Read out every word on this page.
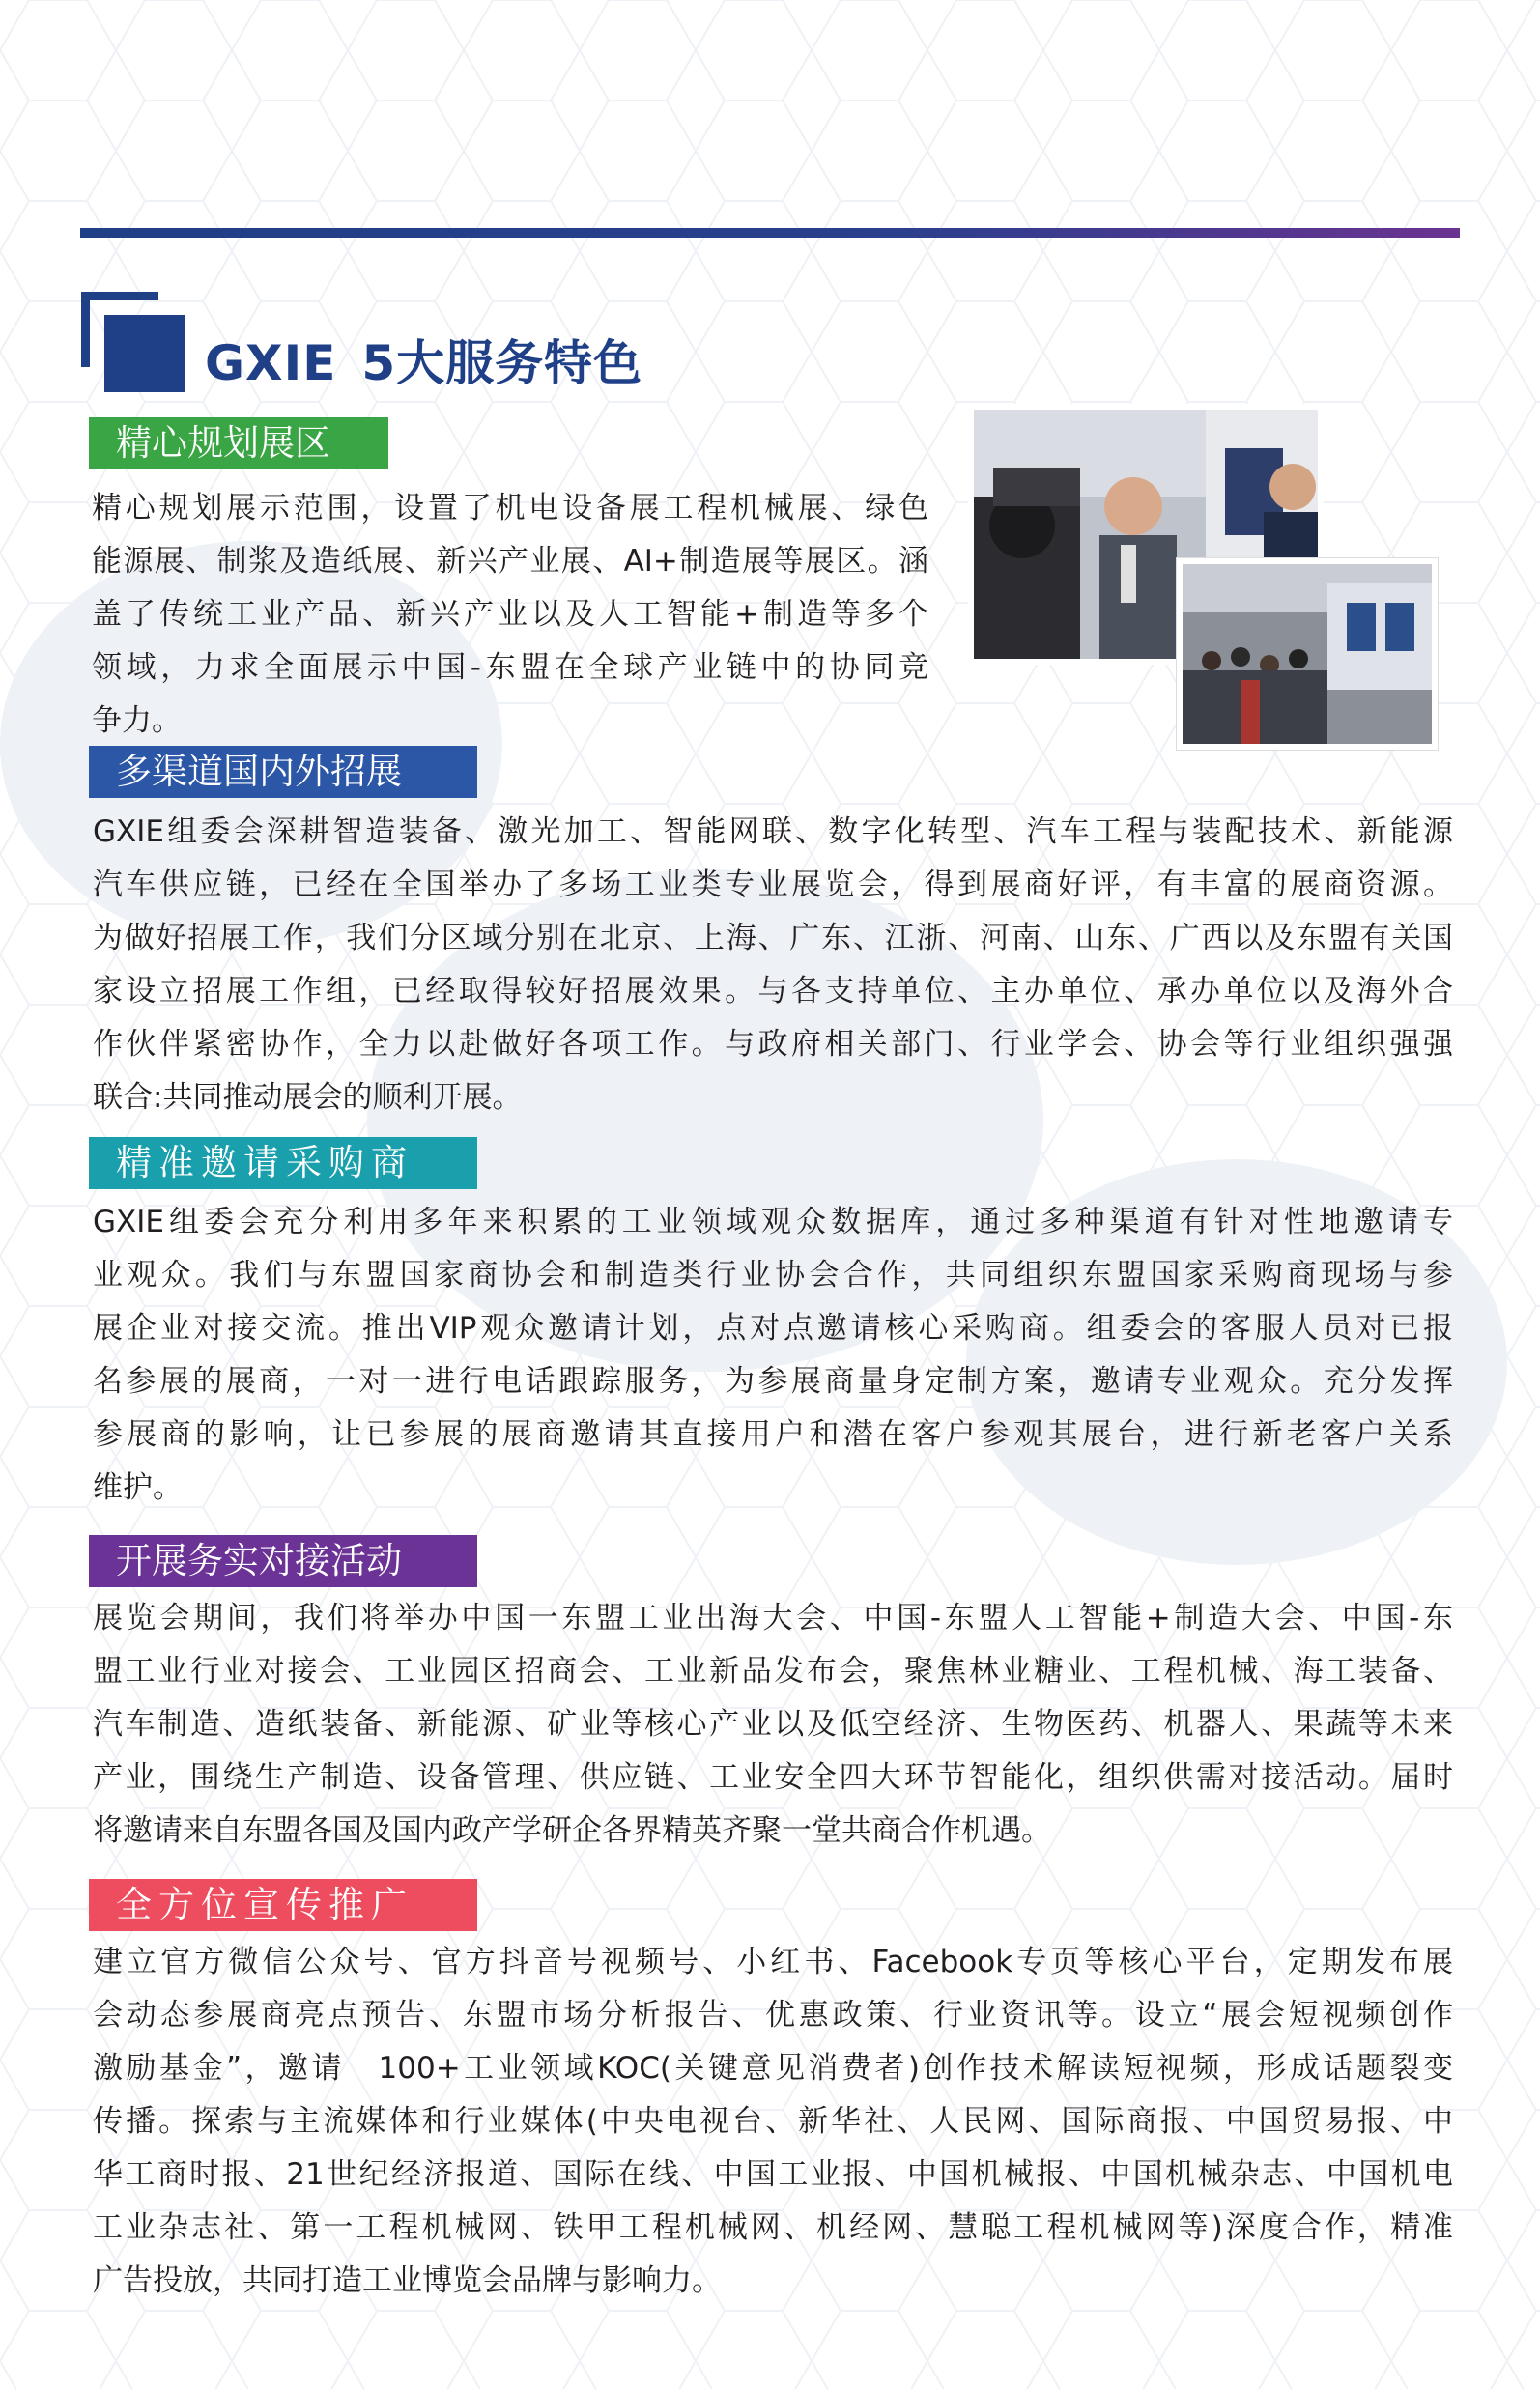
GXIE 5大服务特色
精心规划展区
精心规划展示范围，设置了机电设备展工程机械展、绿色
能源展、制浆及造纸展、新兴产业展、AI+制造展等展区。涵
盖了传统工业产品、新兴产业以及人工智能+制造等多个
领域，力求全面展示中国-东盟在全球产业链中的协同竞
争力。
多渠道国内外招展
GXIE组委会深耕智造装备、激光加工、智能网联、数字化转型、汽车工程与装配技术、新能源
汽车供应链，已经在全国举办了多场工业类专业展览会，得到展商好评，有丰富的展商资源。
为做好招展工作，我们分区域分别在北京、上海、广东、江浙、河南、山东、广西以及东盟有关国
家设立招展工作组，已经取得较好招展效果。与各支持单位、主办单位、承办单位以及海外合
作伙伴紧密协作，全力以赴做好各项工作。与政府相关部门、行业学会、协会等行业组织强强
联合:共同推动展会的顺利开展。
精准邀请采购商
GXIE组委会充分利用多年来积累的工业领域观众数据库，通过多种渠道有针对性地邀请专
业观众。我们与东盟国家商协会和制造类行业协会合作，共同组织东盟国家采购商现场与参
展企业对接交流。推出VIP观众邀请计划，点对点邀请核心采购商。组委会的客服人员对已报
名参展的展商，一对一进行电话跟踪服务，为参展商量身定制方案，邀请专业观众。充分发挥
参展商的影响，让已参展的展商邀请其直接用户和潜在客户参观其展台，进行新老客户关系
维护。
开展务实对接活动
展览会期间，我们将举办中国一东盟工业出海大会、中国-东盟人工智能+制造大会、中国-东
盟工业行业对接会、工业园区招商会、工业新品发布会，聚焦林业糖业、工程机械、海工装备、
汽车制造、造纸装备、新能源、矿业等核心产业以及低空经济、生物医药、机器人、果蔬等未来
产业，围绕生产制造、设备管理、供应链、工业安全四大环节智能化，组织供需对接活动。届时
将邀请来自东盟各国及国内政产学研企各界精英齐聚一堂共商合作机遇。
全方位宣传推广
建立官方微信公众号、官方抖音号视频号、小红书、Facebook专页等核心平台，定期发布展
会动态参展商亮点预告、东盟市场分析报告、优惠政策、行业资讯等。设立“展会短视频创作
激励基金”，邀请　100+工业领域KOC(关键意见消费者)创作技术解读短视频，形成话题裂变
传播。探索与主流媒体和行业媒体(中央电视台、新华社、人民网、国际商报、中国贸易报、中
华工商时报、21世纪经济报道、国际在线、中国工业报、中国机械报、中国机械杂志、中国机电
工业杂志社、第一工程机械网、铁甲工程机械网、机经网、慧聪工程机械网等)深度合作，精准
广告投放，共同打造工业博览会品牌与影响力。
